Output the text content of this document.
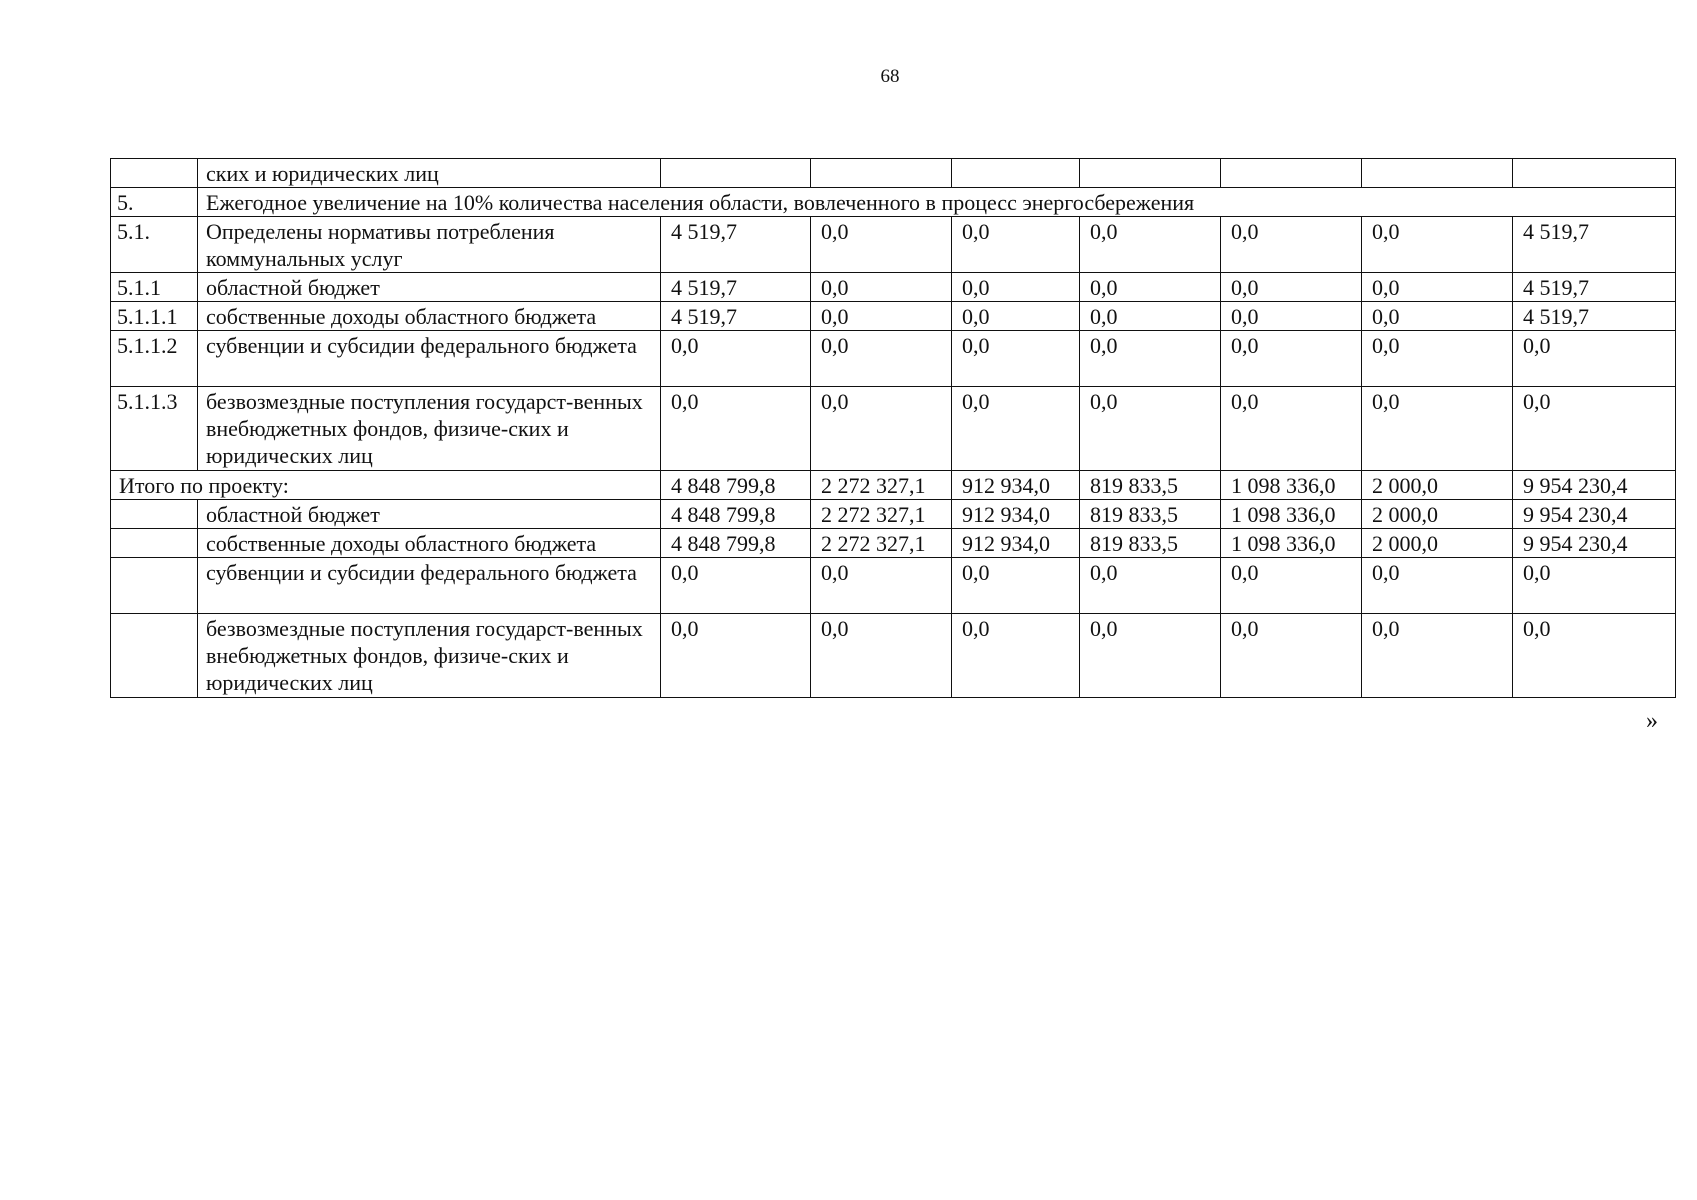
68
	ских и юридических лиц							
5.	Ежегодное увеличение на 10% количества населения области, вовлеченного в процесс энергосбережения							
5.1.	Определены нормативы потребления коммунальных услуг	4 519,7	0,0	0,0	0,0	0,0	0,0	4 519,7
5.1.1	областной бюджет	4 519,7	0,0	0,0	0,0	0,0	0,0	4 519,7
5.1.1.1	собственные доходы областного бюджета	4 519,7	0,0	0,0	0,0	0,0	0,0	4 519,7
5.1.1.2	субвенции и субсидии федерального бюджета	0,0	0,0	0,0	0,0	0,0	0,0	0,0
5.1.1.3	безвозмездные поступления государст-венных внебюджетных фондов, физиче-ских и юридических лиц	0,0	0,0	0,0	0,0	0,0	0,0	0,0
Итого по проекту:		4 848 799,8	2 272 327,1	912 934,0	819 833,5	1 098 336,0	2 000,0	9 954 230,4
	областной бюджет	4 848 799,8	2 272 327,1	912 934,0	819 833,5	1 098 336,0	2 000,0	9 954 230,4
	собственные доходы областного бюджета	4 848 799,8	2 272 327,1	912 934,0	819 833,5	1 098 336,0	2 000,0	9 954 230,4
	субвенции и субсидии федерального бюджета	0,0	0,0	0,0	0,0	0,0	0,0	0,0
	безвозмездные поступления государст-венных внебюджетных фондов, физиче-ских и юридических лиц	0,0	0,0	0,0	0,0	0,0	0,0	0,0
»
